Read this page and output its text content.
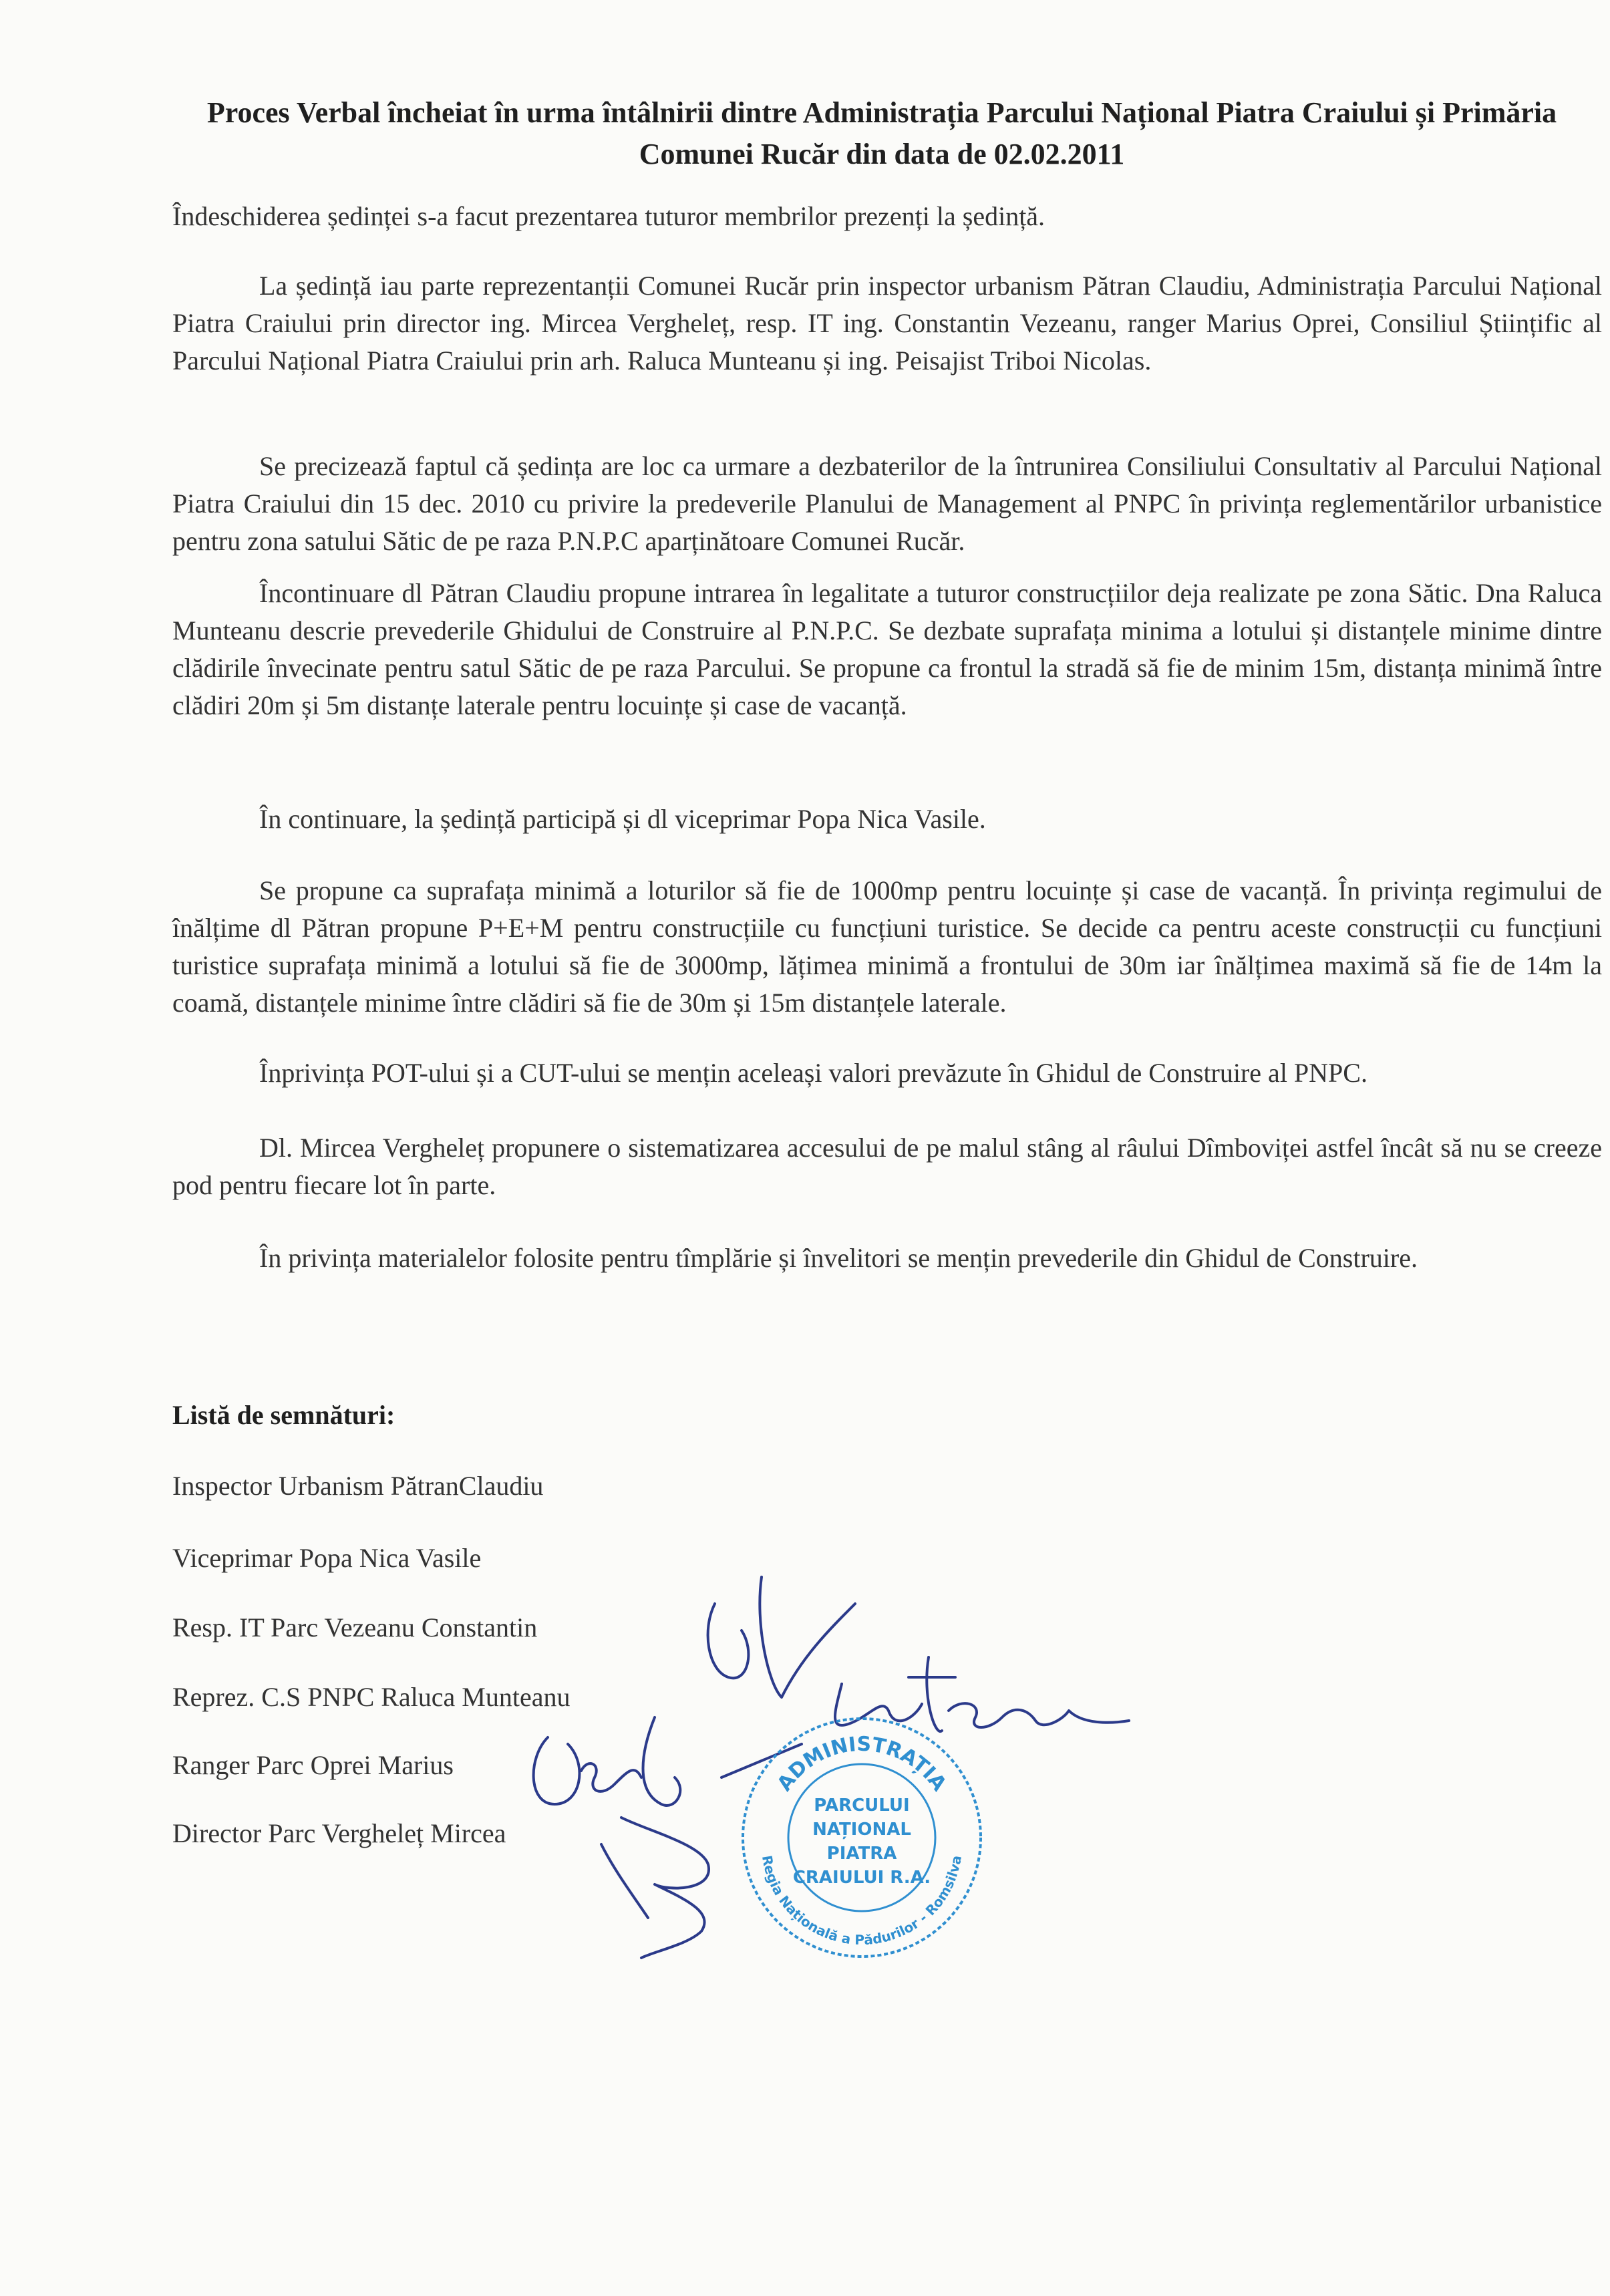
Proces Verbal încheiat în urma întâlnirii dintre Administrația Parcului Național Piatra Craiului și Primăria
Comunei Rucăr din data de 02.02.2011
Îndeschiderea ședinței s-a facut prezentarea tuturor membrilor prezenți la ședință.
La ședință iau parte reprezentanții Comunei Rucăr prin inspector urbanism Pătran Claudiu, Administrația Parcului Național Piatra Craiului prin director ing. Mircea Vergheleț, resp. IT ing. Constantin Vezeanu, ranger Marius Oprei, Consiliul Științific al Parcului Național Piatra Craiului prin arh. Raluca Munteanu și ing. Peisajist Triboi Nicolas.
Se precizează faptul că ședința are loc ca urmare a dezbaterilor de la întrunirea Consiliului Consultativ al Parcului Național Piatra Craiului din 15 dec. 2010 cu privire la predeverile Planului de Management al PNPC în privința reglementărilor urbanistice pentru zona satului Sătic de pe raza P.N.P.C aparținătoare Comunei Rucăr.
Încontinuare dl Pătran Claudiu propune intrarea în legalitate a tuturor construcțiilor deja realizate pe zona Sătic. Dna Raluca Munteanu descrie prevederile Ghidului de Construire al P.N.P.C. Se dezbate suprafața minima a lotului și distanțele minime dintre clădirile învecinate pentru satul Sătic de pe raza Parcului. Se propune ca frontul la stradă să fie de minim 15m, distanța minimă între clădiri 20m și 5m distanțe laterale pentru locuințe și case de vacanță.
În continuare, la ședință participă și dl viceprimar Popa Nica Vasile.
Se propune ca suprafața minimă a loturilor să fie de 1000mp pentru locuințe și case de vacanță. În privința regimului de înălțime dl Pătran propune P+E+M pentru construcțiile cu funcțiuni turistice. Se decide ca pentru aceste construcții cu funcțiuni turistice suprafața minimă a lotului să fie de 3000mp, lățimea minimă a frontului de 30m iar înălțimea maximă să fie de 14m la coamă, distanțele minime între clădiri să fie de 30m și 15m distanțele laterale.
Înprivința POT-ului și a CUT-ului se mențin aceleași valori prevăzute în Ghidul de Construire al PNPC.
Dl. Mircea Vergheleț propunere o sistematizarea accesului de pe malul stâng al râului Dîmboviței astfel încât să nu se creeze pod pentru fiecare lot în parte.
În privința materialelor folosite pentru tîmplărie și învelitori se mențin prevederile din Ghidul de Construire.
Listă de semnături:
Inspector Urbanism PătranClaudiu
Viceprimar Popa Nica Vasile
Resp. IT Parc Vezeanu Constantin
Reprez. C.S PNPC Raluca Munteanu
Ranger Parc Oprei Marius
Director Parc Vergheleț Mircea
ADMINISTRAȚIA
Regia Națională a Pădurilor - Romsilva
PARCULUI
NAȚIONAL
PIATRA
CRAIULUI R.A.
